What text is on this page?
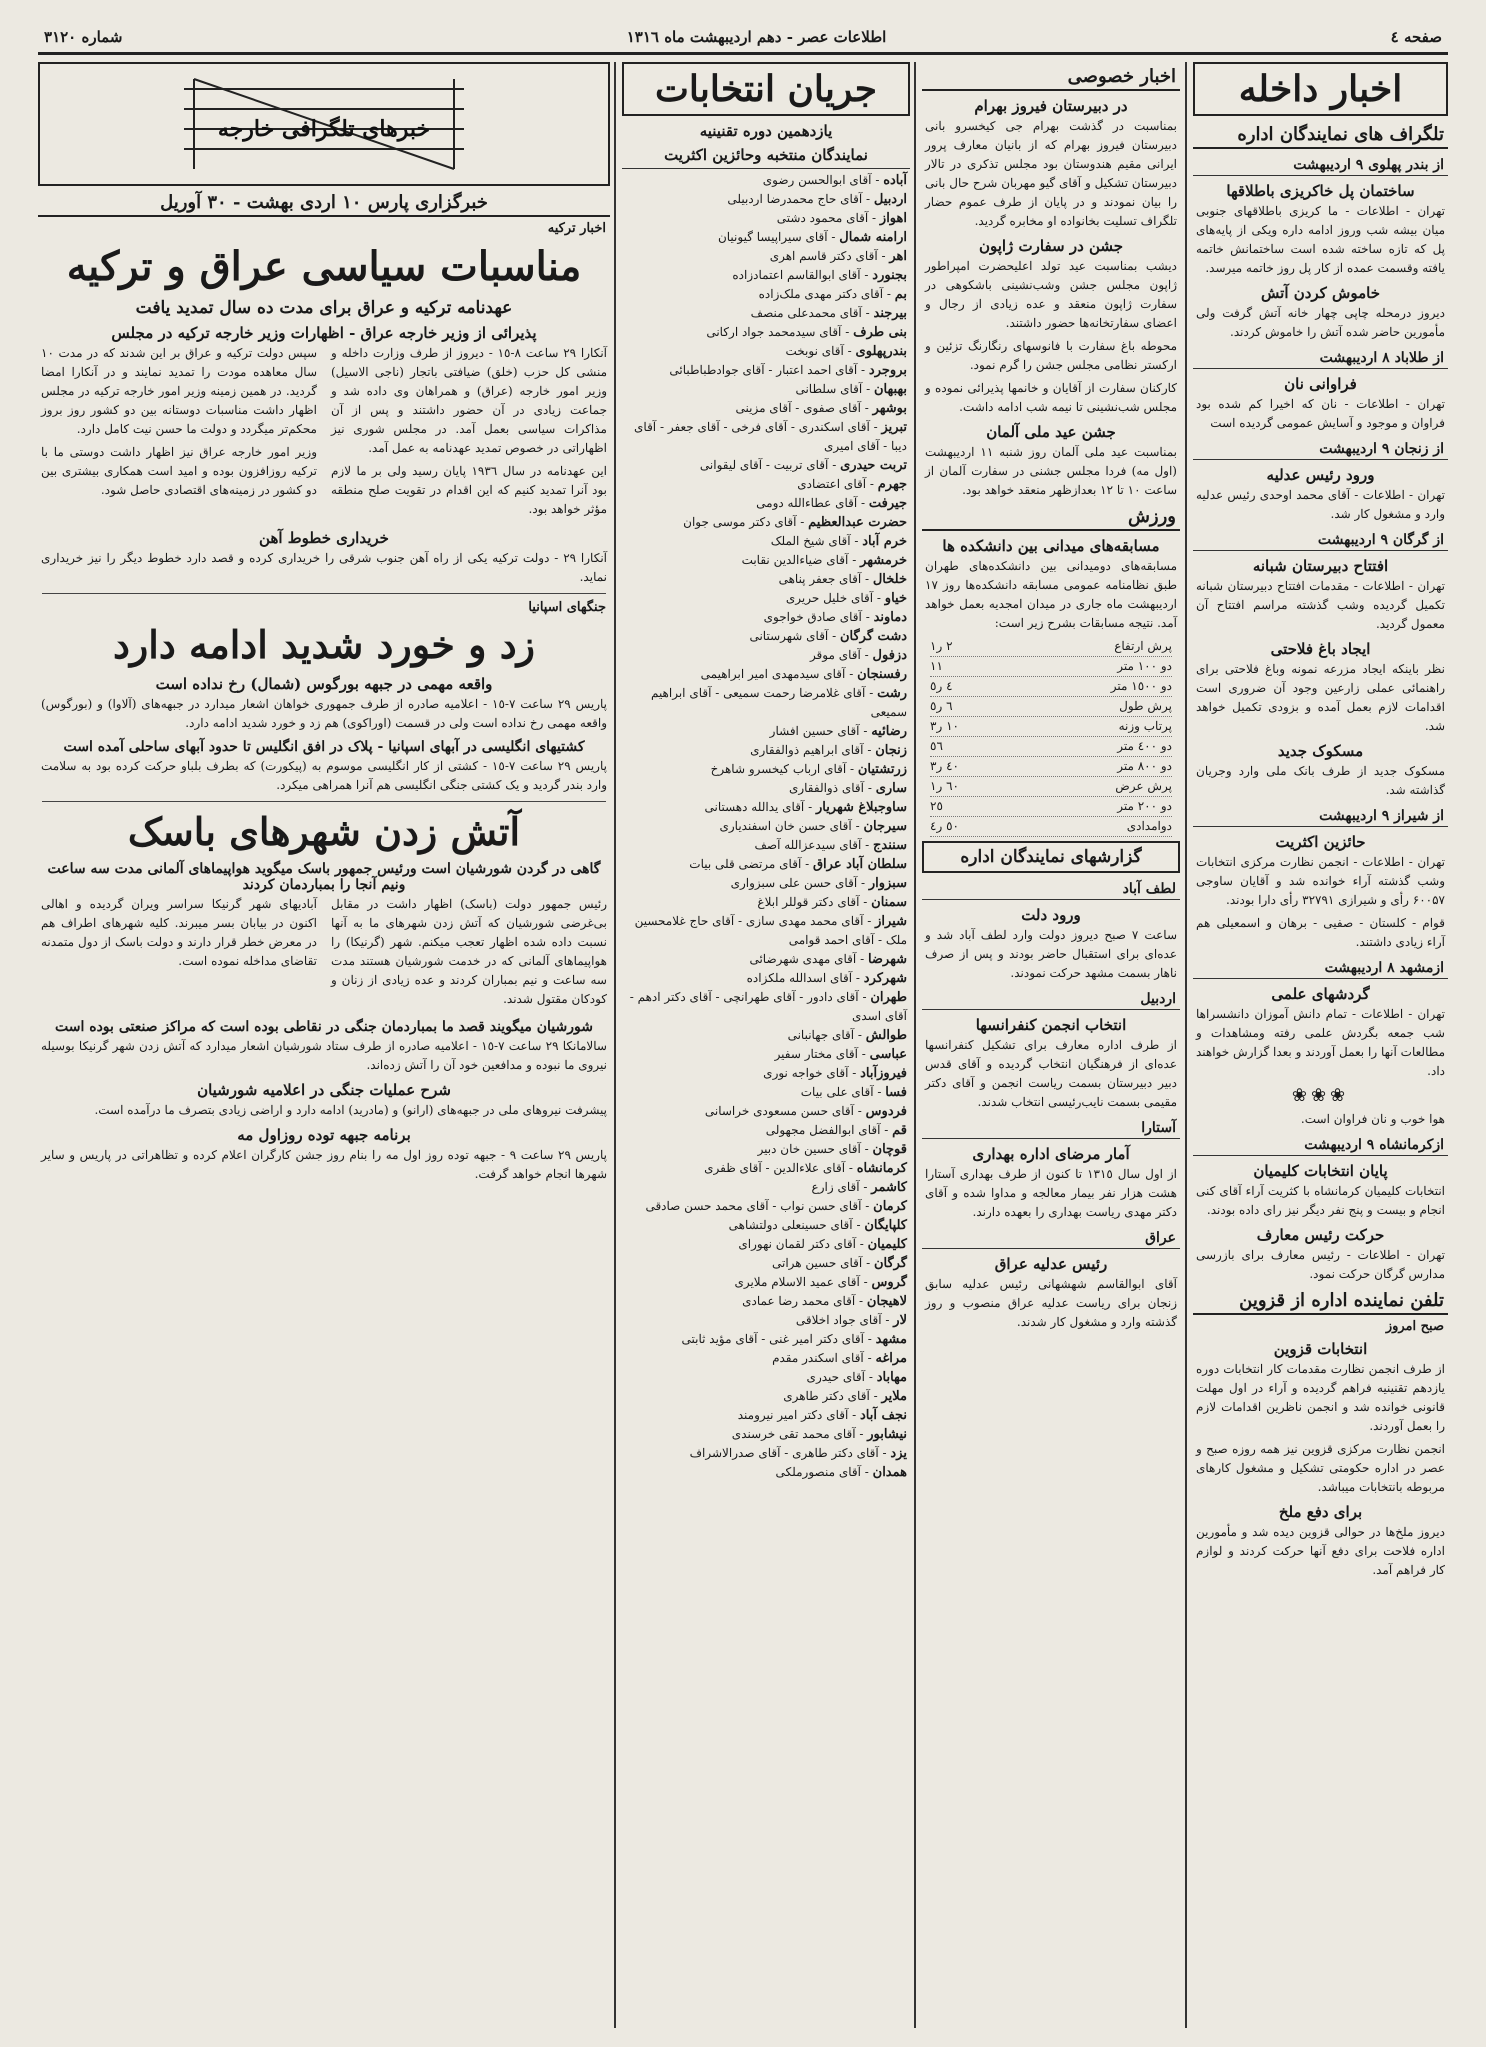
صفحه ٤
اطلاعات عصر - دهم اردیبهشت ماه ١٣١٦
شماره ٣١٢٠
اخبار داخله
تلگراف های نمایندگان اداره
از بندر پهلوی ٩ اردیبهشت
ساختمان پل خاکریزی باطلاقها

تهران - اطلاعات - ما کریزی باطلاقهای جنوبی میان بیشه شب وروز ادامه داره ویکی از پایه‌های پل که تازه ساخته شده است ساختمانش خاتمه یافته وقسمت عمده از کار پل روز خاتمه میرسد.

خاموش کردن آتش

دیروز درمحله چاپی چهار خانه آتش گرفت ولی مأمورین حاضر شده آتش را خاموش کردند.

از طلاباد ٨ اردیبهشت
فراوانی نان

تهران - اطلاعات - نان که اخیرا کم شده بود فراوان و موجود و آسایش عمومی گردیده است

از زنجان ٩ اردیبهشت
ورود رئیس عدلیه

تهران - اطلاعات - آقای محمد اوحدی رئیس عدلیه وارد و مشغول کار شد.

از گرگان ٩ اردیبهشت
افتتاح دبیرستان شبانه

تهران - اطلاعات - مقدمات افتتاح دبیرستان شبانه تکمیل گردیده وشب گذشته مراسم افتتاح آن معمول گردید.

ایجاد باغ فلاحتی

نظر باینکه ایجاد مزرعه نمونه وباغ فلاحتی برای راهنمائی عملی زارعین وجود آن ضروری است اقدامات لازم بعمل آمده و بزودی تکمیل خواهد شد.

مسکوک جدید

مسکوک جدید از طرف بانک ملی وارد وجریان گذاشته شد.

از شیراز ٩ اردیبهشت
حائزین اکثریت

تهران - اطلاعات - انجمن نظارت مرکزی انتخابات وشب گذشته آراء خوانده شد و آقایان ساوجی ۶۰۰۵۷ رأی و شیرازی ۳۲۷۹۱ رأی دارا بودند.

قوام - کلستان - صفیی - برهان و اسمعیلی هم آراء زیادی داشتند.

ازمشهد ٨ اردیبهشت
گردشهای علمی

تهران - اطلاعات - تمام دانش آموزان دانشسراها شب جمعه بگردش علمی رفته ومشاهدات و مطالعات آنها را بعمل آوردند و بعدا گزارش خواهند داد.

❀❀❀

هوا خوب و نان فراوان است.

ازکرمانشاه ٩ اردیبهشت
پایان انتخابات کلیمیان

انتخابات کلیمیان کرمانشاه با کثریت آراء آقای کنی انجام و بیست و پنج نفر دیگر نیز رای داده بودند.

حرکت رئیس معارف

تهران - اطلاعات - رئیس معارف برای بازرسی مدارس گرگان حرکت نمود.

تلفن نماینده اداره از قزوین
صبح امروز
انتخابات قزوین

از طرف انجمن نظارت مقدمات کار انتخابات دوره یازدهم تقنینیه فراهم گردیده و آراء در اول مهلت قانونی خوانده شد و انجمن ناظرین اقدامات لازم را بعمل آوردند.

انجمن نظارت مرکزی قزوین نیز همه روزه صبح و عصر در اداره حکومتی تشکیل و مشغول کارهای مربوطه بانتخابات میباشد.

برای دفع ملخ

دیروز ملخ‌ها در حوالی قزوین دیده شد و مأمورین اداره فلاحت برای دفع آنها حرکت کردند و لوازم کار فراهم آمد.

اخبار خصوصی
در دبیرستان فیروز بهرام

بمناسبت در گذشت بهرام جی کیخسرو بانی دبیرستان فیروز بهرام که از بانیان معارف پرور ایرانی مقیم هندوستان بود مجلس تذکری در تالار دبیرستان تشکیل و آقای گیو مهربان شرح حال بانی را بیان نمودند و در پایان از طرف عموم حضار تلگراف تسلیت بخانواده او مخابره گردید.

جشن در سفارت ژاپون

دیشب بمناسبت عید تولد اعلیحضرت امپراطور ژاپون مجلس جشن وشب‌نشینی باشکوهی در سفارت ژاپون منعقد و عده زیادی از رجال و اعضای سفارتخانه‌ها حضور داشتند.

محوطه باغ سفارت با فانوسهای رنگارنگ تزئین و ارکستر نظامی مجلس جشن را گرم نمود.

کارکنان سفارت از آقایان و خانمها پذیرائی نموده و مجلس شب‌نشینی تا نیمه شب ادامه داشت.

جشن عید ملی آلمان

بمناسبت عید ملی آلمان روز شنبه ١١ اردیبهشت (اول مه) فردا مجلس جشنی در سفارت آلمان از ساعت ۱۰ تا ۱۲ بعدازظهر منعقد خواهد بود.

ورزش
مسابقه‌های میدانی بین دانشکده ها

مسابقه‌های دومیدانی بین دانشکده‌های طهران طبق نظامنامه عمومی مسابقه دانشکده‌ها روز ۱۷ اردیبهشت ماه جاری در میدان امجدیه بعمل خواهد آمد. نتیجه مسابقات بشرح زیر است:

پرش ارتفاع
٢ ر١
دو ١٠٠ متر
١١
دو ١٥٠٠ متر
٤ ر٥
پرش طول
٦ ر٥
پرتاب وزنه
١٠ ر٣
دو ٤٠٠ متر
٥٦
دو ٨٠٠ متر
٤٠ ر٣
پرش عرض
٦٠ ر١
دو ٢٠٠ متر
٢٥
دوامدادی
٥٠ ر٤
گزارشهای نمایندگان اداره
لطف آباد
ورود دلت

ساعت ٧ صبح دیروز دولت وارد لطف آباد شد و عده‌ای برای استقبال حاضر بودند و پس از صرف ناهار بسمت مشهد حرکت نمودند.

اردبیل
انتخاب انجمن کنفرانسها

از طرف اداره معارف برای تشکیل کنفرانسها عده‌ای از فرهنگیان انتخاب گردیده و آقای قدس دبیر دبیرستان بسمت ریاست انجمن و آقای دکتر مقیمی بسمت نایب‌رئیسی انتخاب شدند.

آستارا
آمار مرضای اداره بهداری

از اول سال ١٣١٥ تا کنون از طرف بهداری آستارا هشت هزار نفر بیمار معالجه و مداوا شده و آقای دکتر مهدی ریاست بهداری را بعهده دارند.

عراق
رئیس عدلیه عراق

آقای ابوالقاسم شهشهانی رئیس عدلیه سابق زنجان برای ریاست عدلیه عراق منصوب و روز گذشته وارد و مشغول کار شدند.

جریان انتخابات
یازدهمین دوره تقنینیه
نمایندگان منتخبه وحائزین اکثریت

آباده - آقای ابوالحسن رضوی

اردبیل - آقای حاج محمدرضا اردبیلی

اهواز - آقای محمود دشتی

ارامنه شمال - آقای سیراپیسا گیونیان

اهر - آقای دکتر قاسم اهری

بجنورد - آقای ابوالقاسم اعتمادزاده

بم - آقای دکتر مهدی ملک‌زاده

بیرجند - آقای محمدعلی منصف

بنی طرف - آقای سیدمحمد جواد ارکانی

بندرپهلوی - آقای نوبخت

بروجرد - آقای احمد اعتبار - آقای جوادطباطبائی

بهبهان - آقای سلطانی

بوشهر - آقای صفوی - آقای مزینی

تبریز - آقای اسکندری - آقای فرخی - آقای جعفر - آقای دیبا - آقای امیری

تربت حیدری - آقای تربیت - آقای لیقوانی

جهرم - آقای اعتضادی

جیرفت - آقای عطاءالله دومی

حضرت عبدالعظیم - آقای دکتر موسی جوان

خرم آباد - آقای شیخ الملک

خرمشهر - آقای ضیاءالدین نقابت

خلخال - آقای جعفر پناهی

خیاو - آقای خلیل حریری

دماوند - آقای صادق خواجوی

دشت گرگان - آقای شهرستانی

دزفول - آقای موقر

رفسنجان - آقای سیدمهدی امیر ابراهیمی

رشت - آقای غلامرضا رحمت سمیعی - آقای ابراهیم سمیعی

رضائیه - آقای حسین افشار

زنجان - آقای ابراهیم ذوالفقاری

زرتشتیان - آقای ارباب کیخسرو شاهرخ

ساری - آقای ذوالفقاری

ساوجبلاغ شهریار - آقای یدالله دهستانی

سیرجان - آقای حسن خان اسفندیاری

سنندج - آقای سیدعزالله آصف

سلطان آباد عراق - آقای مرتضی قلی بیات

سبزوار - آقای حسن علی سبزواری

سمنان - آقای دکتر قوللر ابلاغ

شیراز - آقای محمد مهدی سازی - آقای حاج غلامحسین ملک - آقای احمد قوامی

شهرضا - آقای مهدی شهرضائی

شهرکرد - آقای اسدالله ملکزاده

طهران - آقای دادور - آقای طهرانچی - آقای دکتر ادهم - آقای اسدی

طوالش - آقای جهانبانی

عباسی - آقای مختار سفیر

فیروزآباد - آقای خواجه نوری

فسا - آقای علی بیات

فردوس - آقای حسن مسعودی خراسانی

قم - آقای ابوالفضل مجهولی

قوچان - آقای حسین خان دبیر

کرمانشاه - آقای علاءالدین - آقای ظفری

کاشمر - آقای زارع

کرمان - آقای حسن نواب - آقای محمد حسن صادقی

کلپایگان - آقای حسینعلی دولتشاهی

کلیمیان - آقای دکتر لقمان نهورای

گرگان - آقای حسین هراتی

گروس - آقای عمید الاسلام ملایری

لاهیجان - آقای محمد رضا عمادی

لار - آقای جواد اخلاقی

مشهد - آقای دکتر امیر غنی - آقای مؤید ثابتی

مراغه - آقای اسکندر مقدم

مهاباد - آقای حیدری

ملایر - آقای دکتر طاهری

نجف آباد - آقای دکتر امیر نیرومند

نیشابور - آقای محمد تقی خرسندی

یزد - آقای دکتر طاهری - آقای صدرالاشراف

همدان - آقای منصورملکی

خبرهای تلگرافی خارجه
خبرگزاری پارس ١٠ اردی بهشت - ٣٠ آوریل
اخبار ترکیه
مناسبات سیاسی عراق و ترکیه
عهدنامه ترکیه و عراق برای مدت ده سال تمدید یافت
پذیرائی از وزیر خارجه عراق - اظهارات وزیر خارجه ترکیه در مجلس

آنکارا ٢٩ ساعت ٨-١٥ - دیروز از طرف وزارت داخله و منشی کل حزب (خلق) ضیافتی باتجار (ناجی الاسیل) وزیر امور خارجه (عراق) و همراهان وی داده شد و جماعت زیادی در آن حضور داشتند و پس از آن مذاکرات سیاسی بعمل آمد. در مجلس شوری نیز اظهاراتی در خصوص تمدید عهدنامه به عمل آمد.

این عهدنامه در سال ١٩٣٦ پایان رسید ولی بر ما لازم بود آنرا تمدید کنیم که این اقدام در تقویت صلح منطقه مؤثر خواهد بود.

سپس دولت ترکیه و عراق بر این شدند که در مدت ۱۰ سال معاهده مودت را تمدید نمایند و در آنکارا امضا گردید. در همین زمینه وزیر امور خارجه ترکیه در مجلس اظهار داشت مناسبات دوستانه بین دو کشور روز بروز محکم‌تر میگردد و دولت ما حسن نیت کامل دارد.

وزیر امور خارجه عراق نیز اظهار داشت دوستی ما با ترکیه روزافزون بوده و امید است همکاری بیشتری بین دو کشور در زمینه‌های اقتصادی حاصل شود.

خریداری خطوط آهن

آنکارا ٢٩ - دولت ترکیه یکی از راه آهن جنوب شرقی را خریداری کرده و قصد دارد خطوط دیگر را نیز خریداری نماید.

جنگهای اسپانیا
زد و خورد شدید ادامه دارد
واقعه مهمی در جبهه بورگوس (شمال) رخ نداده است

پاریس ٢٩ ساعت ٧-١٥ - اعلامیه صادره از طرف جمهوری خواهان اشعار میدارد در جبهه‌های (آلاوا) و (بورگوس) واقعه مهمی رخ نداده است ولی در قسمت (اوراکوی) هم زد و خورد شدید ادامه دارد.

کشتیهای انگلیسی در آبهای اسپانیا - پلاک در افق انگلیس تا حدود آبهای ساحلی آمده است

پاریس ٢٩ ساعت ٧-١٥ - کشتی از کار انگلیسی موسوم به (پیکورت) که بطرف بلباو حرکت کرده بود به سلامت وارد بندر گردید و یک کشتی جنگی انگلیسی هم آنرا همراهی میکرد.

آتش زدن شهرهای باسک
گاهی در گردن شورشیان است ورئیس جمهور باسک میگوید هواپیماهای آلمانی مدت سه ساعت ونیم آنجا را بمباردمان کردند

رئیس جمهور دولت (باسک) اظهار داشت در مقابل بی‌غرضی شورشیان که آتش زدن شهرهای ما به آنها نسبت داده شده اظهار تعجب میکنم. شهر (گرنیکا) را هواپیماهای آلمانی که در خدمت شورشیان هستند مدت سه ساعت و نیم بمباران کردند و عده زیادی از زنان و کودکان مقتول شدند.

آبادیهای شهر گرنیکا سراسر ویران گردیده و اهالی اکنون در بیابان بسر میبرند. کلیه شهرهای اطراف هم در معرض خطر قرار دارند و دولت باسک از دول متمدنه تقاضای مداخله نموده است.

شورشیان میگویند قصد ما بمباردمان جنگی در نقاطی بوده است که مراکز صنعتی بوده است

سالامانکا ٢٩ ساعت ٧-١٥ - اعلامیه صادره از طرف ستاد شورشیان اشعار میدارد که آتش زدن شهر گرنیکا بوسیله نیروی ما نبوده و مدافعین خود آن را آتش زده‌اند.

شرح عملیات جنگی در اعلامیه شورشیان

پیشرفت نیروهای ملی در جبهه‌های (ارانو) و (مادرید) ادامه دارد و اراضی زیادی بتصرف ما درآمده است.

برنامه جبهه توده روزاول مه

پاریس ٢٩ ساعت ٩ - جبهه توده روز اول مه را بنام روز جشن کارگران اعلام کرده و تظاهراتی در پاریس و سایر شهرها انجام خواهد گرفت.
